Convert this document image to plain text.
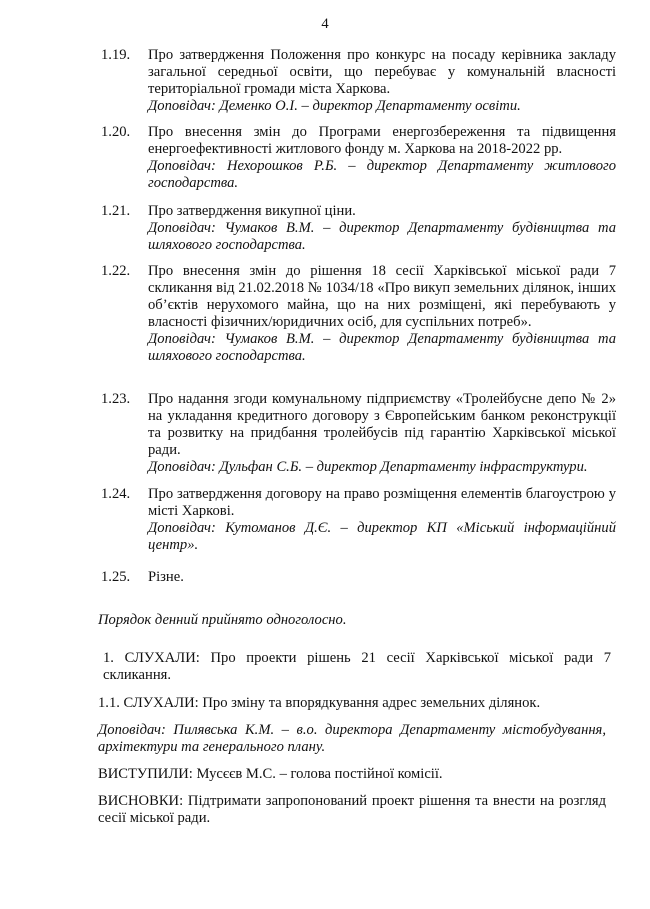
4
1.19. Про затвердження Положення про конкурс на посаду керівника закладу загальної середньої освіти, що перебуває у комунальній власності територіальної громади міста Харкова.
Доповідач: Деменко О.І. – директор Департаменту освіти.
1.20. Про внесення змін до Програми енергозбереження та підвищення енергоефективності житлового фонду м. Харкова на 2018-2022 рр.
Доповідач: Нехорошков Р.Б. – директор Департаменту житлового господарства.
1.21. Про затвердження викупної ціни.
Доповідач: Чумаков В.М. – директор Департаменту будівництва та шляхового господарства.
1.22. Про внесення змін до рішення 18 сесії Харківської міської ради 7 скликання від 21.02.2018 № 1034/18 «Про викуп земельних ділянок, інших об’єктів нерухомого майна, що на них розміщені, які перебувають у власності фізичних/юридичних осіб, для суспільних потреб».
Доповідач: Чумаков В.М. – директор Департаменту будівництва та шляхового господарства.
1.23. Про надання згоди комунальному підприємству «Тролейбусне депо № 2» на укладання кредитного договору з Європейським банком реконструкції та розвитку на придбання тролейбусів під гарантію Харківської міської ради.
Доповідач: Дульфан С.Б. – директор Департаменту інфраструктури.
1.24. Про затвердження договору на право розміщення елементів благоустрою у місті Харкові.
Доповідач: Кутоманов Д.Є. – директор КП «Міський інформаційний центр».
1.25. Різне.
Порядок денний прийнято одноголосно.
1. СЛУХАЛИ: Про проекти рішень 21 сесії Харківської міської ради 7 скликання.
1.1. СЛУХАЛИ: Про зміну та впорядкування адрес земельних ділянок.
Доповідач: Пилявська К.М. – в.о. директора Департаменту містобудування, архітектури та генерального плану.
ВИСТУПИЛИ: Мусєєв М.С. – голова постійної комісії.
ВИСНОВКИ: Підтримати запропонований проект рішення та внести на розгляд сесії міської ради.
